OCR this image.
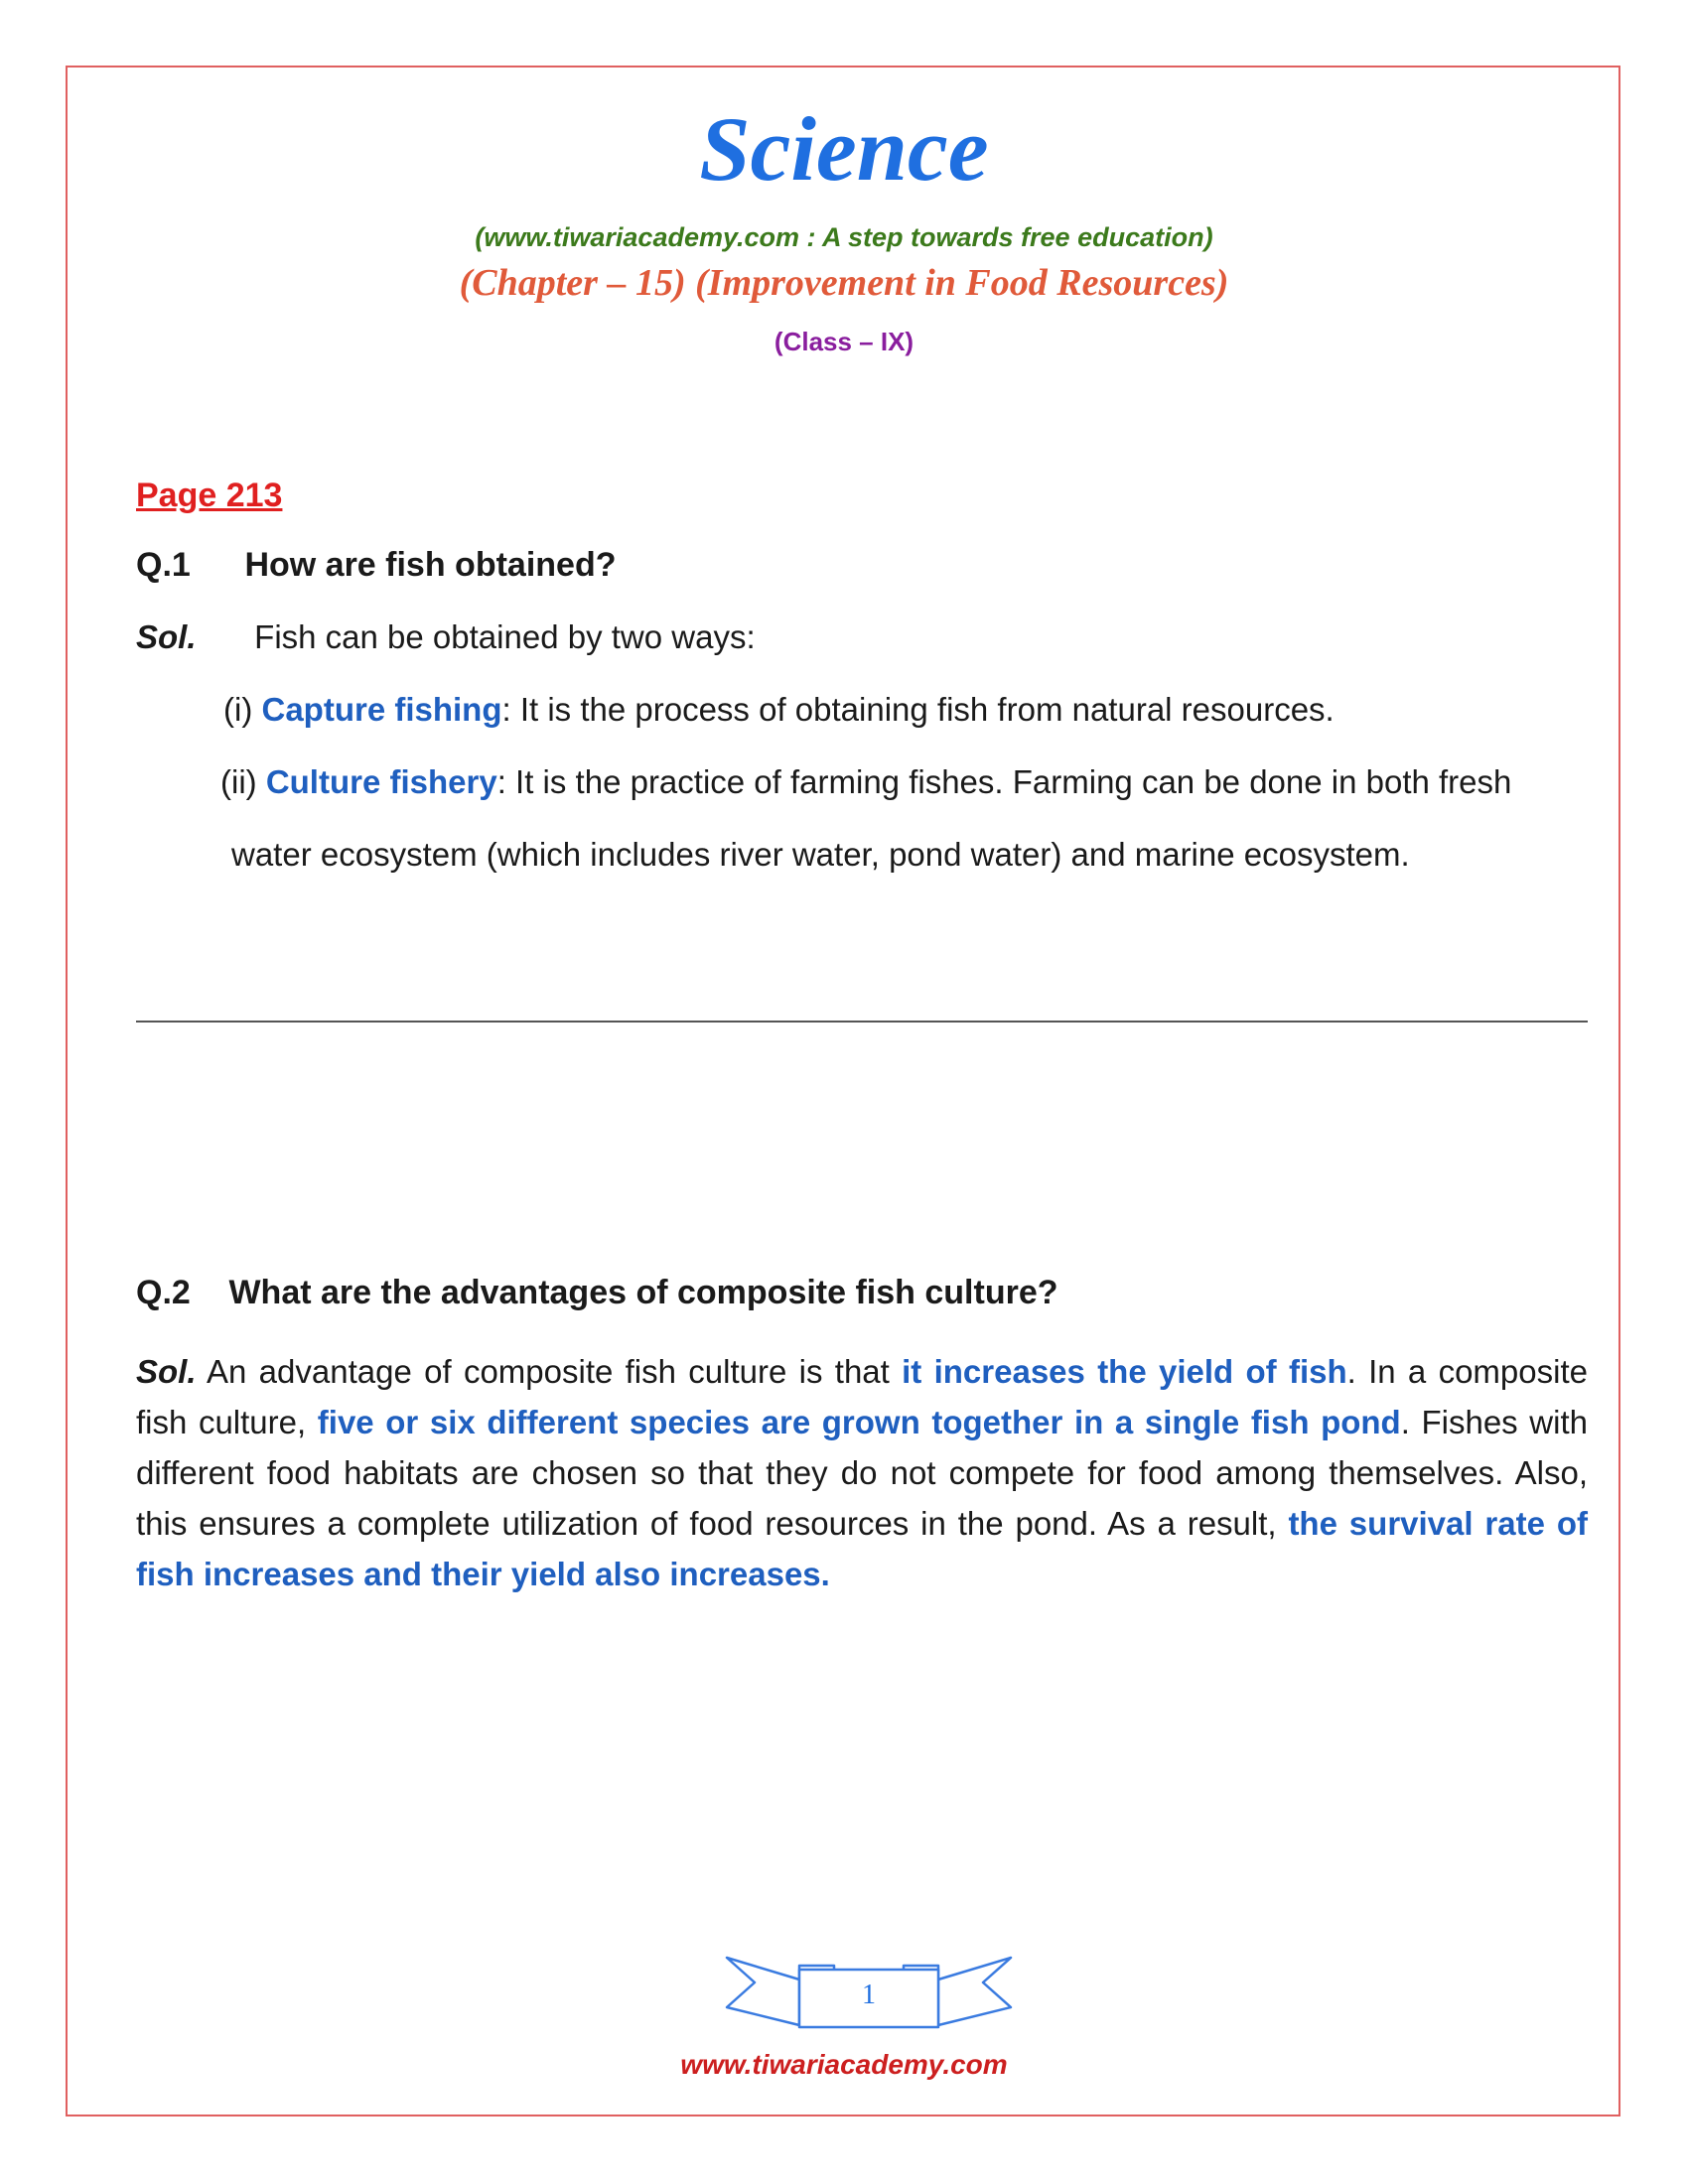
Science
(www.tiwariacademy.com : A step towards free education)
(Chapter – 15) (Improvement in Food Resources)
(Class – IX)
Page 213
Q.1 How are fish obtained?
Sol. Fish can be obtained by two ways:
(i) Capture fishing: It is the process of obtaining fish from natural resources.
(ii) Culture fishery: It is the practice of farming fishes. Farming can be done in both fresh
water ecosystem (which includes river water, pond water) and marine ecosystem.
Q.2 What are the advantages of composite fish culture?
Sol. An advantage of composite fish culture is that it increases the yield of fish. In a composite fish culture, five or six different species are grown together in a single fish pond. Fishes with different food habitats are chosen so that they do not compete for food among themselves. Also, this ensures a complete utilization of food resources in the pond. As a result, the survival rate of fish increases and their yield also increases.
1
www.tiwariacademy.com
